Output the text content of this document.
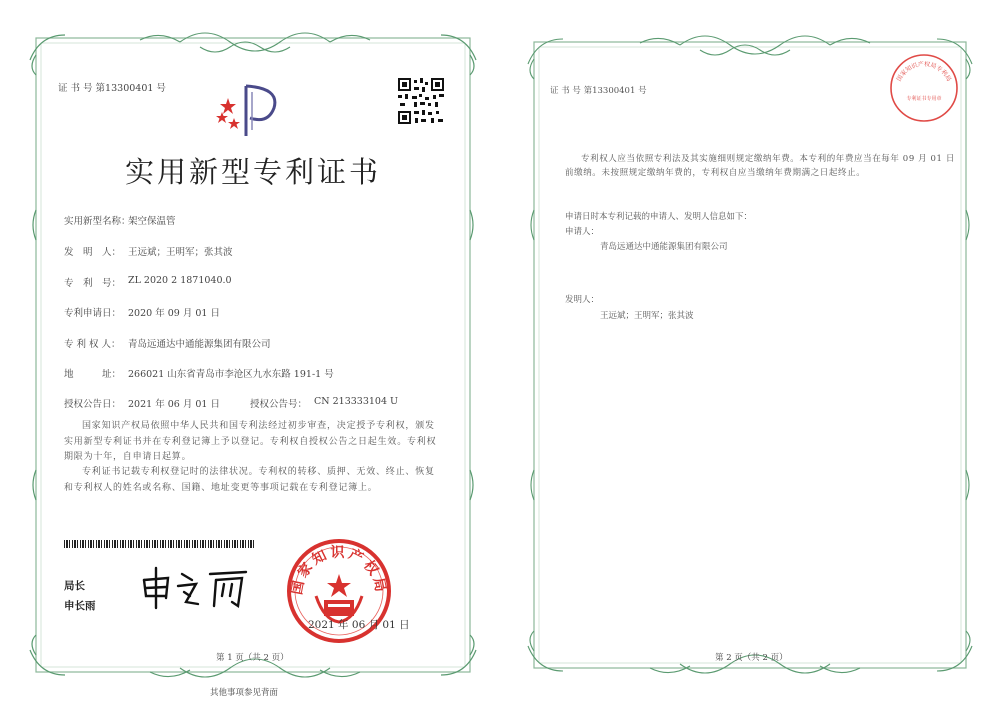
证 书 号 第13300401 号
实用新型专利证书
实用新型名称：
架空保温管
发　明　人： 王远斌；王明军；张其波
专　利　号： ZL 2020 2 1871040.0
专利申请日： 2020 年 09 月 01 日
专 利 权 人： 青岛远通达中通能源集团有限公司
地　　　址： 266021 山东省青岛市李沧区九水东路 191-1 号
授权公告日： 2021 年 06 月 01 日	授权公告号： CN 213333104 U
国家知识产权局依照中华人民共和国专利法经过初步审查，决定授予专利权，颁发实用新型专利证书并在专利登记簿上予以登记。专利权自授权公告之日起生效。专利权期限为十年，自申请日起算。
专利证书记载专利权登记时的法律状况。专利权的转移、质押、无效、终止、恢复和专利权人的姓名或名称、国籍、地址变更等事项记载在专利登记簿上。
局长
申长雨
国家知识产权局
2021 年 06 月 01 日
第 1 页（共 2 页）
其他事项参见背面
国家知识产权局专利局
专利证书专用章
证 书 号 第13300401 号
专利权人应当依照专利法及其实施细则规定缴纳年费。本专利的年费应当在每年 09 月 01 日前缴纳。未按照规定缴纳年费的，专利权自应当缴纳年费期满之日起终止。
申请日时本专利记载的申请人、发明人信息如下：
申请人：
青岛远通达中通能源集团有限公司
发明人：
王远斌；王明军；张其波
第 2 页（共 2 页）
